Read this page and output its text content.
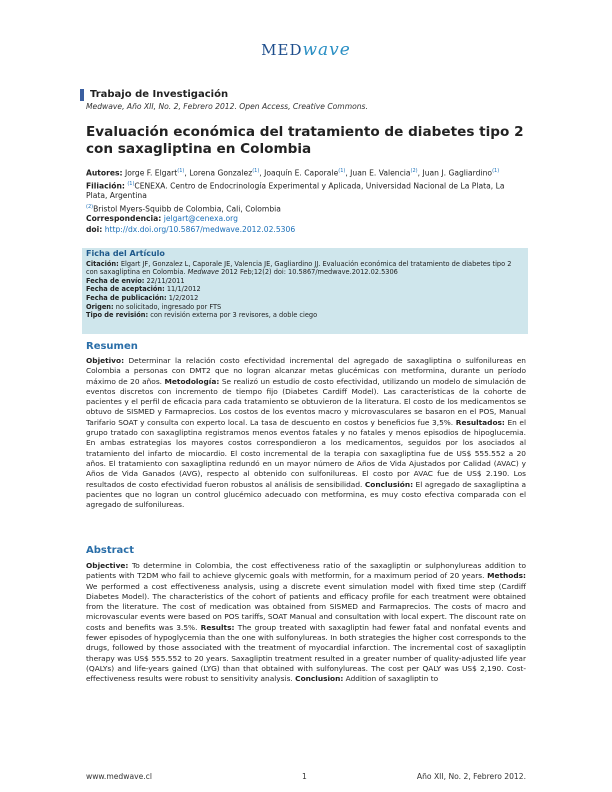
MEDwave
Trabajo de Investigación
Medwave, Año XII, No. 2, Febrero 2012. Open Access, Creative Commons.
Evaluación económica del tratamiento de diabetes tipo 2 con saxagliptina en Colombia
Autores: Jorge F. Elgart$^{(1)}$, Lorena Gonzalez$^{(1)}$, Joaquín E. Caporale$^{(1)}$, Juan E. Valencia$^{(2)}$, Juan J. Gagliardino$^{(1)}$
Filiación: $^{(1)}$CENEXA. Centro de Endocrinología Experimental y Aplicada, Universidad Nacional de La Plata, La Plata, Argentina
$^{(2)}$Bristol Myers-Squibb de Colombia, Cali, Colombia
Correspondencia: jelgart@cenexa.org
doi: http://dx.doi.org/10.5867/medwave.2012.02.5306
Ficha del Artículo
Citación: Elgart JF, Gonzalez L, Caporale JE, Valencia JE, Gagliardino JJ. Evaluación económica del tratamiento de diabetes tipo 2 con saxagliptina en Colombia. Medwave 2012 Feb;12(2) doi: 10.5867/medwave.2012.02.5306
Fecha de envío: 22/11/2011
Fecha de aceptación: 11/1/2012
Fecha de publicación: 1/2/2012
Origen: no solicitado, ingresado por FTS
Tipo de revisión: con revisión externa por 3 revisores, a doble ciego
Resumen
Objetivo: Determinar la relación costo efectividad incremental del agregado de saxagliptina o sulfonilureas en Colombia a personas con DMT2 que no logran alcanzar metas glucémicas con metformina, durante un período máximo de 20 años. Metodología: Se realizó un estudio de costo efectividad, utilizando un modelo de simulación de eventos discretos con incremento de tiempo fijo (Diabetes Cardiff Model). Las características de la cohorte de pacientes y el perfil de eficacia para cada tratamiento se obtuvieron de la literatura. El costo de los medicamentos se obtuvo de SISMED y Farmaprecios. Los costos de los eventos macro y microvasculares se basaron en el POS, Manual Tarifario SOAT y consulta con experto local. La tasa de descuento en costos y beneficios fue 3,5%. Resultados: En el grupo tratado con saxagliptina registramos menos eventos fatales y no fatales y menos episodios de hipoglucemia. En ambas estrategias los mayores costos correspondieron a los medicamentos, seguidos por los asociados al tratamiento del infarto de miocardio. El costo incremental de la terapia con saxagliptina fue de US$ 555.552 a 20 años. El tratamiento con saxagliptina redundó en un mayor número de Años de Vida Ajustados por Calidad (AVAC) y Años de Vida Ganados (AVG), respecto al obtenido con sulfonilureas. El costo por AVAC fue de US$ 2.190. Los resultados de costo efectividad fueron robustos al análisis de sensibilidad. Conclusión: El agregado de saxagliptina a pacientes que no logran un control glucémico adecuado con metformina, es muy costo efectiva comparada con el agregado de sulfonilureas.
Abstract
Objective: To determine in Colombia, the cost effectiveness ratio of the saxagliptin or sulphonylureas addition to patients with T2DM who fail to achieve glycemic goals with metformin, for a maximum period of 20 years. Methods: We performed a cost effectiveness analysis, using a discrete event simulation model with fixed time step (Cardiff Diabetes Model). The characteristics of the cohort of patients and efficacy profile for each treatment were obtained from the literature. The cost of medication was obtained from SISMED and Farmaprecios. The costs of macro and microvascular events were based on POS tariffs, SOAT Manual and consultation with local expert. The discount rate on costs and benefits was 3.5%. Results: The group treated with saxagliptin had fewer fatal and nonfatal events and fewer episodes of hypoglycemia than the one with sulfonylureas. In both strategies the higher cost corresponds to the drugs, followed by those associated with the treatment of myocardial infarction. The incremental cost of saxagliptin therapy was US$ 555.552 to 20 years. Saxagliptin treatment resulted in a greater number of quality-adjusted life year (QALYs) and life-years gained (LYG) than that obtained with sulfonylureas. The cost per QALY was US$ 2,190. Cost-effectiveness results were robust to sensitivity analysis. Conclusion: Addition of saxagliptin to
www.medwave.cl	1	Año XII, No. 2, Febrero 2012.
